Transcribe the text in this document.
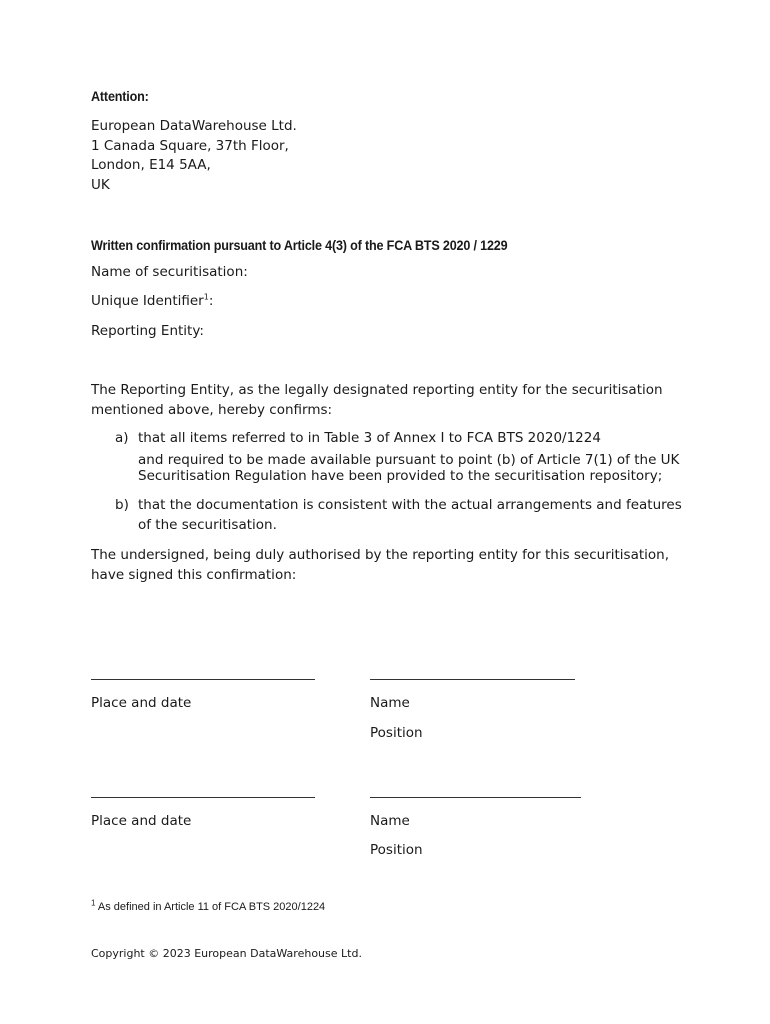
Attention:
European DataWarehouse Ltd.
1 Canada Square, 37th Floor,
London, E14 5AA,
UK
Written confirmation pursuant to Article 4(3) of the FCA BTS 2020 / 1229
Name of securitisation:
Unique Identifier$^1$:
Reporting Entity:
The Reporting Entity, as the legally designated reporting entity for the securitisation
mentioned above, hereby confirms:
a) that all items referred to in Table 3 of Annex I to FCA BTS 2020/1224
and required to be made available pursuant to point (b) of Article 7(1) of the UK
Securitisation Regulation have been provided to the securitisation repository;
b) that the documentation is consistent with the actual arrangements and features
of the securitisation.
The undersigned, being duly authorised by the reporting entity for this securitisation,
have signed this confirmation:
Place and date	Name
Position
Place and date	Name
Position
$^1$ As defined in Article 11 of FCA BTS 2020/1224
Copyright © 2023 European DataWarehouse Ltd.
